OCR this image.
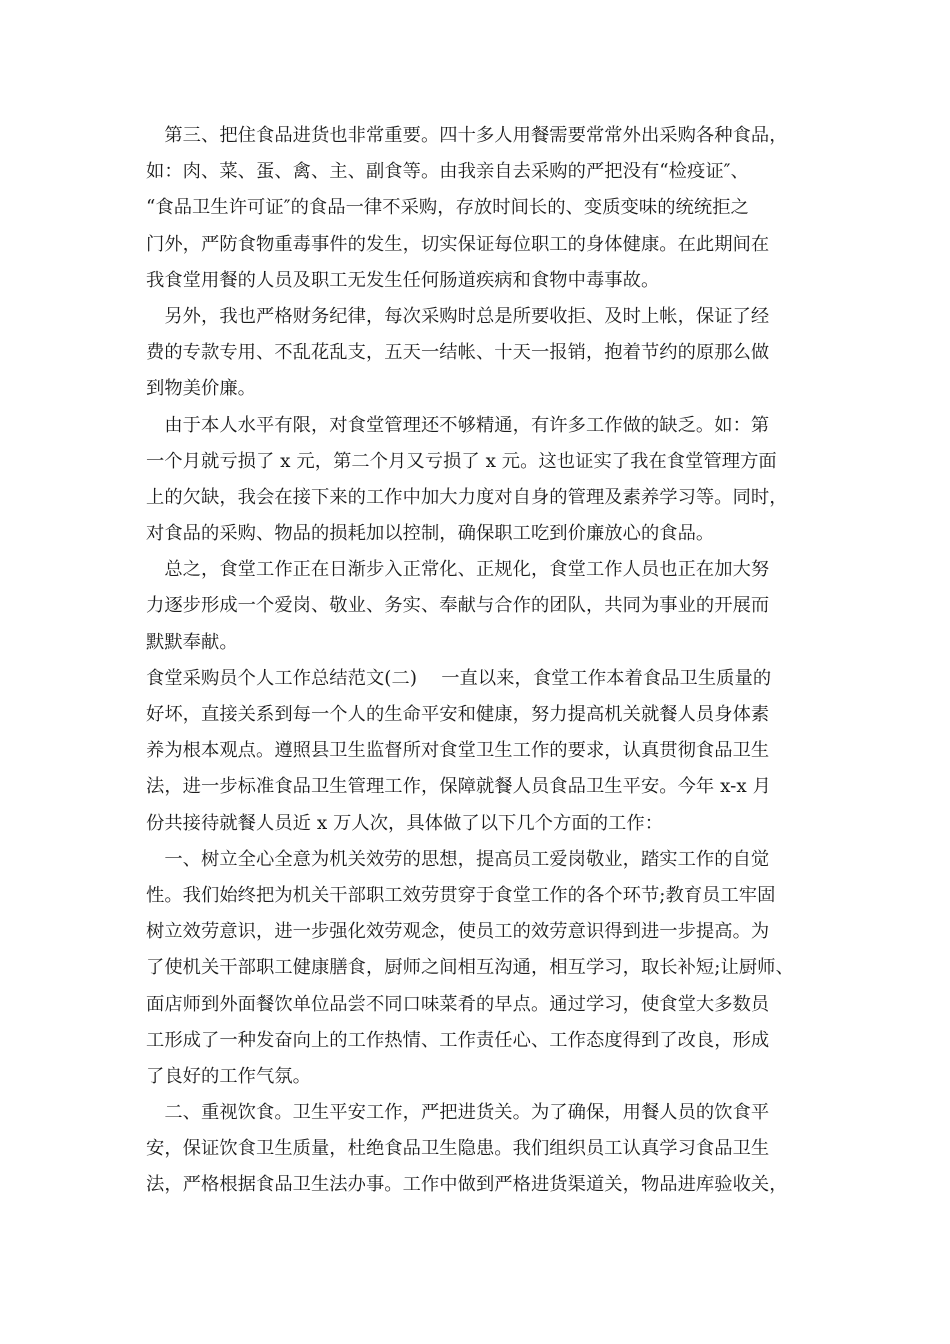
　第三、把住食品进货也非常重要。四十多人用餐需要常常外出采购各种食品，
如：肉、菜、蛋、禽、主、副食等。由我亲自去采购的严把没有“检疫证″、
“食品卫生许可证″的食品一律不采购，存放时间长的、变质变味的统统拒之
门外，严防食物重毒事件的发生，切实保证每位职工的身体健康。在此期间在
我食堂用餐的人员及职工无发生任何肠道疾病和食物中毒事故。
　另外，我也严格财务纪律，每次采购时总是所要收拒、及时上帐，保证了经
费的专款专用、不乱花乱支，五天一结帐、十天一报销，抱着节约的原那么做
到物美价廉。
　由于本人水平有限，对食堂管理还不够精通，有许多工作做的缺乏。如：第
一个月就亏损了 x 元，第二个月又亏损了 x 元。这也证实了我在食堂管理方面
上的欠缺，我会在接下来的工作中加大力度对自身的管理及素养学习等。同时，
对食品的采购、物品的损耗加以控制，确保职工吃到价廉放心的食品。
　总之，食堂工作正在日渐步入正常化、正规化，食堂工作人员也正在加大努
力逐步形成一个爱岗、敬业、务实、奉献与合作的团队，共同为事业的开展而
默默奉献。
食堂采购员个人工作总结范文(二)　 一直以来，食堂工作本着食品卫生质量的
好坏，直接关系到每一个人的生命平安和健康，努力提高机关就餐人员身体素
养为根本观点。遵照县卫生监督所对食堂卫生工作的要求，认真贯彻食品卫生
法，进一步标准食品卫生管理工作，保障就餐人员食品卫生平安。今年 x-x 月
份共接待就餐人员近 x 万人次，具体做了以下几个方面的工作：
　一、树立全心全意为机关效劳的思想，提高员工爱岗敬业，踏实工作的自觉
性。我们始终把为机关干部职工效劳贯穿于食堂工作的各个环节;教育员工牢固
树立效劳意识，进一步强化效劳观念，使员工的效劳意识得到进一步提高。为
了使机关干部职工健康膳食，厨师之间相互沟通，相互学习，取长补短;让厨师、
面店师到外面餐饮单位品尝不同口味菜肴的早点。通过学习，使食堂大多数员
工形成了一种发奋向上的工作热情、工作责任心、工作态度得到了改良，形成
了良好的工作气氛。
　二、重视饮食。卫生平安工作，严把进货关。为了确保，用餐人员的饮食平
安，保证饮食卫生质量，杜绝食品卫生隐患。我们组织员工认真学习食品卫生
法，严格根据食品卫生法办事。工作中做到严格进货渠道关，物品进库验收关，
